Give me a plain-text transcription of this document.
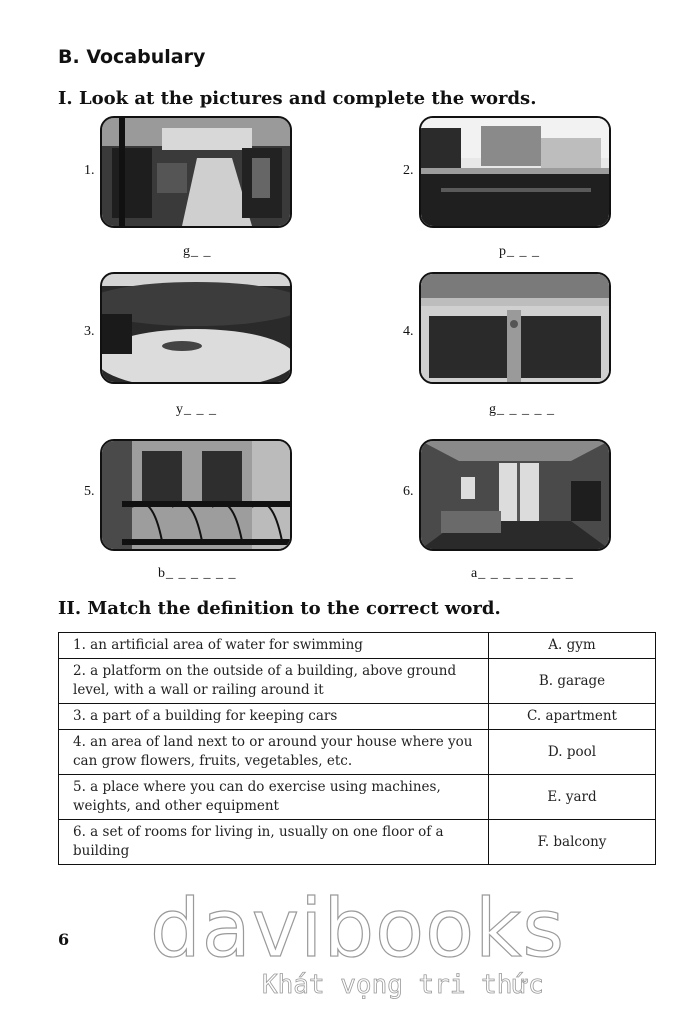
B. Vocabulary
I. Look at the pictures and complete the words.
1.
g_ _
2.
p_ _ _
3.
y_ _ _
4.
g_ _ _ _ _
5.
b_ _ _ _ _ _
6.
a_ _ _ _ _ _ _ _
II. Match the definition to the correct word.
1. an artificial area of water for swimming	A. gym
2. a platform on the outside of a building, above ground level, with a wall or railing around it	B. garage
3. a part of a building for keeping cars	C. apartment
4. an area of land next to or around your house where you can grow flowers, fruits, vegetables, etc.	D. pool
5. a place where you can do exercise using machines, weights, and other equipment	E. yard
6. a set of rooms for living in, usually on one floor of a building	F. balcony
6 davibooks
Khát vọng tri thức
